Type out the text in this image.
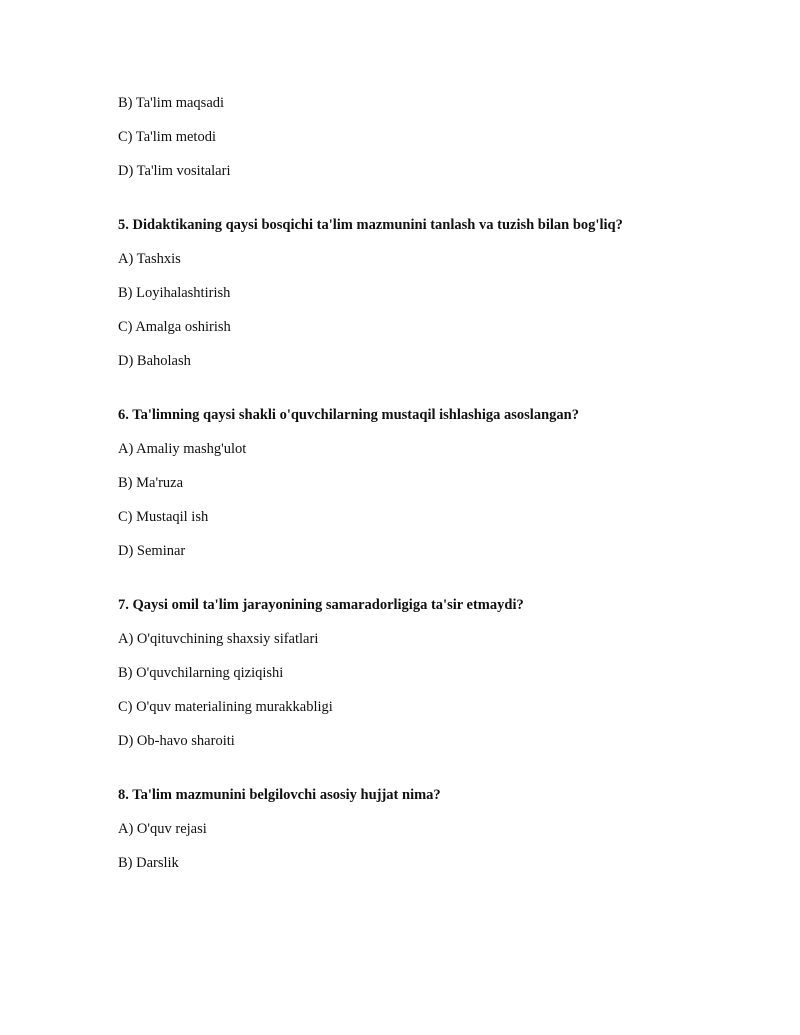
B) Ta'lim maqsadi
C) Ta'lim metodi
D) Ta'lim vositalari
5. Didaktikaning qaysi bosqichi ta'lim mazmunini tanlash va tuzish bilan bog'liq?
A) Tashxis
B) Loyihalashtirish
C) Amalga oshirish
D) Baholash
6. Ta'limning qaysi shakli o'quvchilarning mustaqil ishlashiga asoslangan?
A) Amaliy mashg'ulot
B) Ma'ruza
C) Mustaqil ish
D) Seminar
7. Qaysi omil ta'lim jarayonining samaradorligiga ta'sir etmaydi?
A) O'qituvchining shaxsiy sifatlari
B) O'quvchilarning qiziqishi
C) O'quv materialining murakkabligi
D) Ob-havo sharoiti
8. Ta'lim mazmunini belgilovchi asosiy hujjat nima?
A) O'quv rejasi
B) Darslik
